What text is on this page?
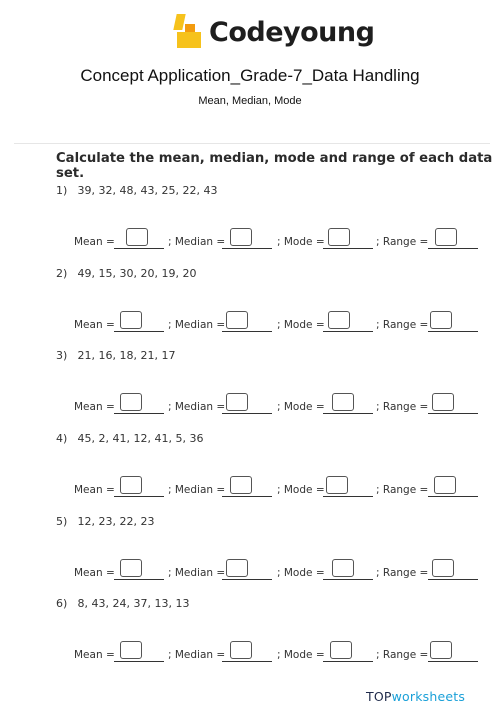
Codeyoung
Concept Application_Grade-7_Data Handling
Mean, Median, Mode
Calculate the mean, median, mode and range of each data set.
1) 39, 32, 48, 43, 25, 22, 43
Mean =	; Median =	; Mode =	; Range =
2) 49, 15, 30, 20, 19, 20
Mean =	; Median =	; Mode =	; Range =
3) 21, 16, 18, 21, 17
Mean =	; Median =	; Mode =	; Range =
4) 45, 2, 41, 12, 41, 5, 36
Mean =	; Median =	; Mode =	; Range =
5) 12, 23, 22, 23
Mean =	; Median =	; Mode =	; Range =
6) 8, 43, 24, 37, 13, 13
Mean =	; Median =	; Mode =	; Range =
TOPworksheets
